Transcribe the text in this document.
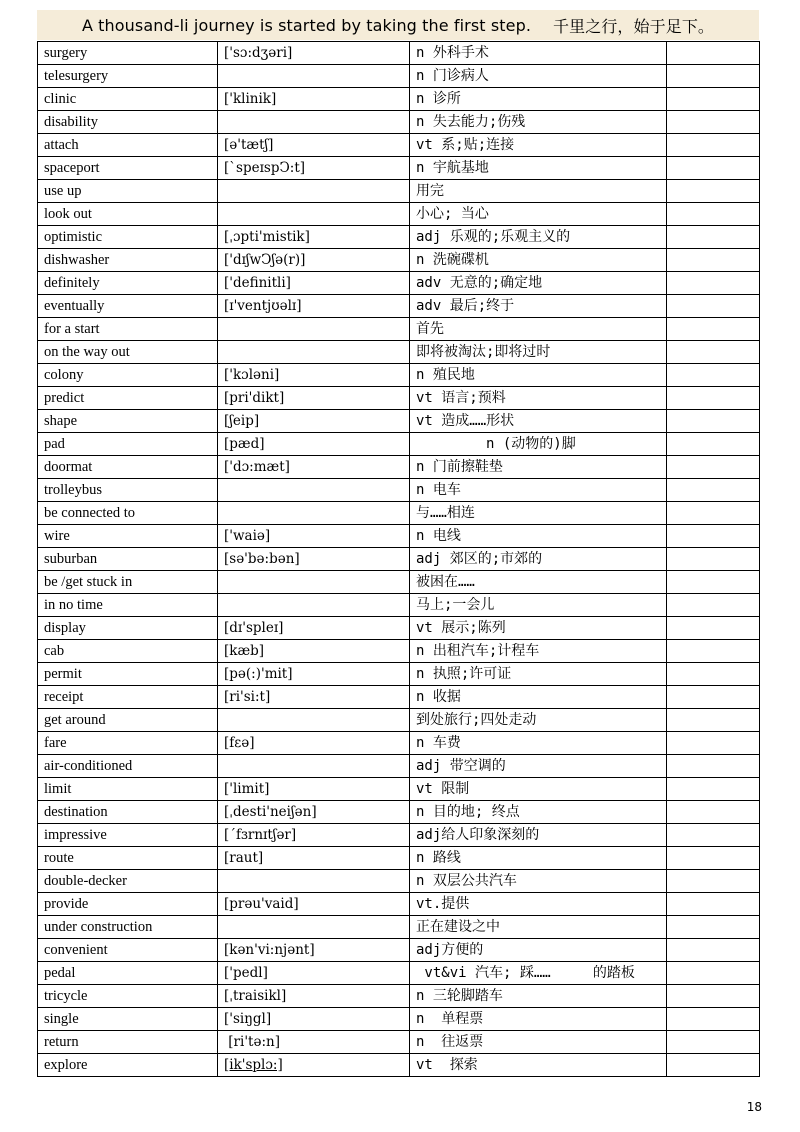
A thousand-li journey is started by taking the first step. 千里之行，始于足下。
surgery	['sɔ:dʒəri]	n 外科手术	
telesurgery		n 门诊病人	
clinic	['klinik]	n 诊所	
disability		n 失去能力;伤残	
attach	[ə'tætʃ]	vt 系;贴;连接	
spaceport	[`speɪspↃ:t]	n 宇航基地	
use up		用完	
look out		小心; 当心	
optimistic	[ˌɔpti'mistik]	adj 乐观的;乐观主义的	
dishwasher	['dɪʃwↃʃə(r)]	n 洗碗碟机	
definitely	['definitli]	adv 无意的;确定地	
eventually	[ɪ'ventjʊəlɪ]	adv 最后;终于	
for a start		首先	
on the way out		即将被淘汰;即将过时	
colony	['kɔləni]	n 殖民地	
predict	[pri'dikt]	vt 语言;预料	
shape	[ʃeip]	vt 造成……形状	
pad	[pæd]	n (动物的)脚	
doormat	['dɔ:mæt]	n 门前擦鞋垫	
trolleybus		n 电车	
be connected to		与……相连	
wire	['waiə]	n 电线	
suburban	[sə'bə:bən]	adj 郊区的;市郊的	
be /get stuck in		被困在……	
in no time		马上;一会儿	
display	[dɪ'spleɪ]	vt 展示;陈列	
cab	[kæb]	n 出租汽车;计程车	
permit	[pə(:)'mit]	n 执照;许可证	
receipt	[ri'si:t]	n 收据	
get around		到处旅行;四处走动	
fare	[fεə]	n 车费	
air-conditioned		adj 带空调的	
limit	['limit]	vt 限制	
destination	[ˌdesti'neiʃən]	n 目的地; 终点	
impressive	[ˊfɜrnɪtʃər]	adj给人印象深刻的	
route	[raut]	n 路线	
double-decker		n 双层公共汽车	
provide	[prəu'vaid]	vt.提供	
under construction		正在建设之中	
convenient	[kən'vi:njənt]	adj方便的	
pedal	['pedl]	vt&vi 汽车; 踩……     的踏板	
tricycle	[ˌtraisikl]	n 三轮脚踏车	
single	['siŋgl]	n  单程票	
return	[ri'tə:n]	n  往返票	
explore	[ik'splɔ:]	vt  探索	
18
